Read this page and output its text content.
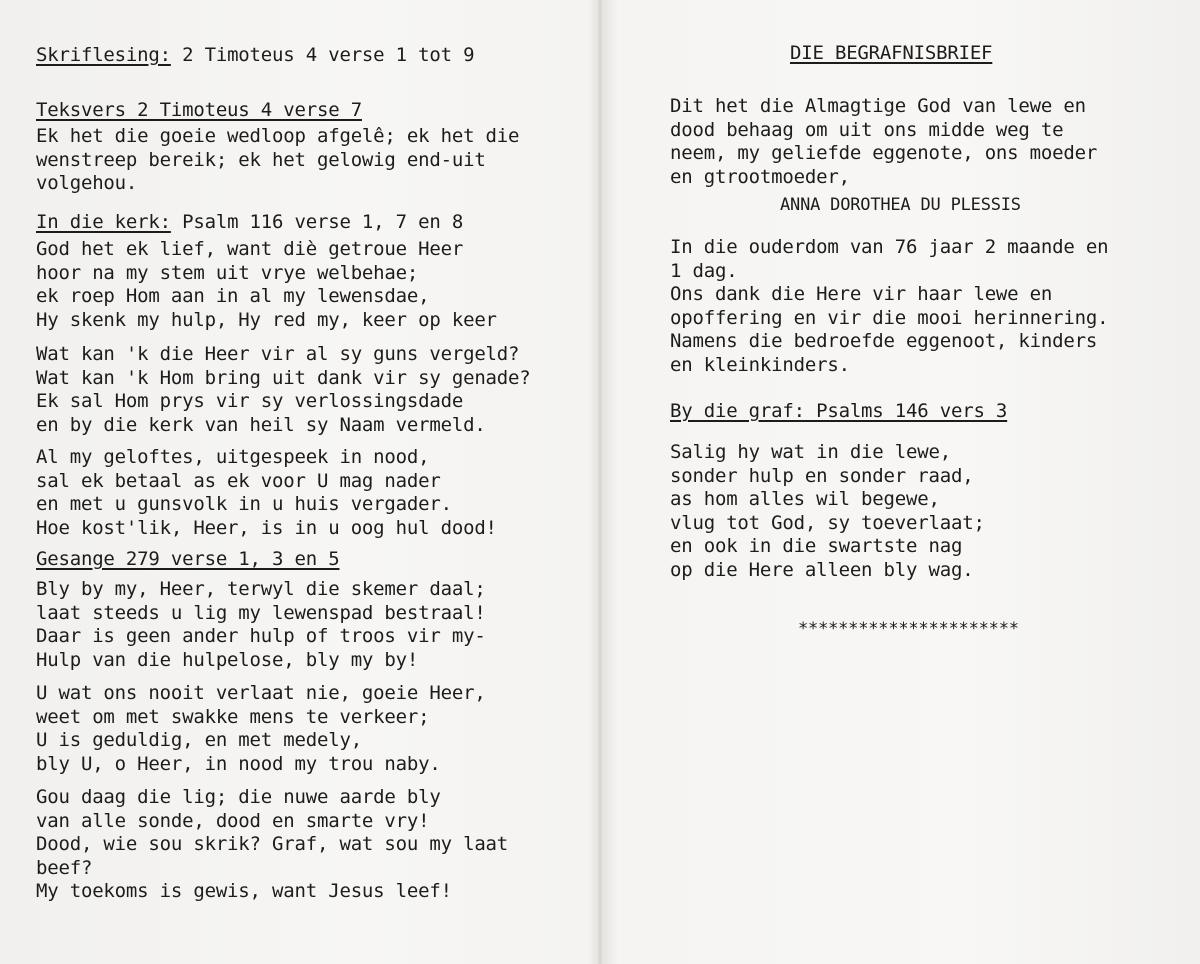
Skriflesing: 2 Timoteus 4 verse 1 tot 9

Teksvers 2 Timoteus 4 verse 7

Ek het die goeie wedloop afgelê; ek het die
wenstreep bereik; ek het gelowig end-uit
volgehou.

In die kerk: Psalm 116 verse 1, 7 en 8

God het ek lief, want diè getroue Heer
hoor na my stem uit vrye welbehae;
ek roep Hom aan in al my lewensdae,
Hy skenk my hulp, Hy red my, keer op keer

Wat kan 'k die Heer vir al sy guns vergeld?
Wat kan 'k Hom bring uit dank vir sy genade?
Ek sal Hom prys vir sy verlossingsdade
en by die kerk van heil sy Naam vermeld.

Al my geloftes, uitgespeek in nood,
sal ek betaal as ek voor U mag nader
en met u gunsvolk in u huis vergader.
Hoe kost'lik, Heer, is in u oog hul dood!

Gesange 279 verse 1, 3 en 5

Bly by my, Heer, terwyl die skemer daal;
laat steeds u lig my lewenspad bestraal!
Daar is geen ander hulp of troos vir my-
Hulp van die hulpelose, bly my by!

U wat ons nooit verlaat nie, goeie Heer,
weet om met swakke mens te verkeer;
U is geduldig, en met medely,
bly U, o Heer, in nood my trou naby.

Gou daag die lig; die nuwe aarde bly
van alle sonde, dood en smarte vry!
Dood, wie sou skrik? Graf, wat sou my laat
beef?
My toekoms is gewis, want Jesus leef!

DIE BEGRAFNISBRIEF

Dit het die Almagtige God van lewe en
dood behaag om uit ons midde weg te
neem, my geliefde eggenote, ons moeder
en gtrootmoeder,

ANNA DOROTHEA DU PLESSIS

In die ouderdom van 76 jaar 2 maande en
1 dag.
Ons dank die Here vir haar lewe en
opoffering en vir die mooi herinnering.
Namens die bedroefde eggenoot, kinders
en kleinkinders.

By die graf: Psalms 146 vers 3

Salig hy wat in die lewe,
sonder hulp en sonder raad,
as hom alles wil begewe,
vlug tot God, sy toeverlaat;
en ook in die swartste nag
op die Here alleen bly wag.

**********************
